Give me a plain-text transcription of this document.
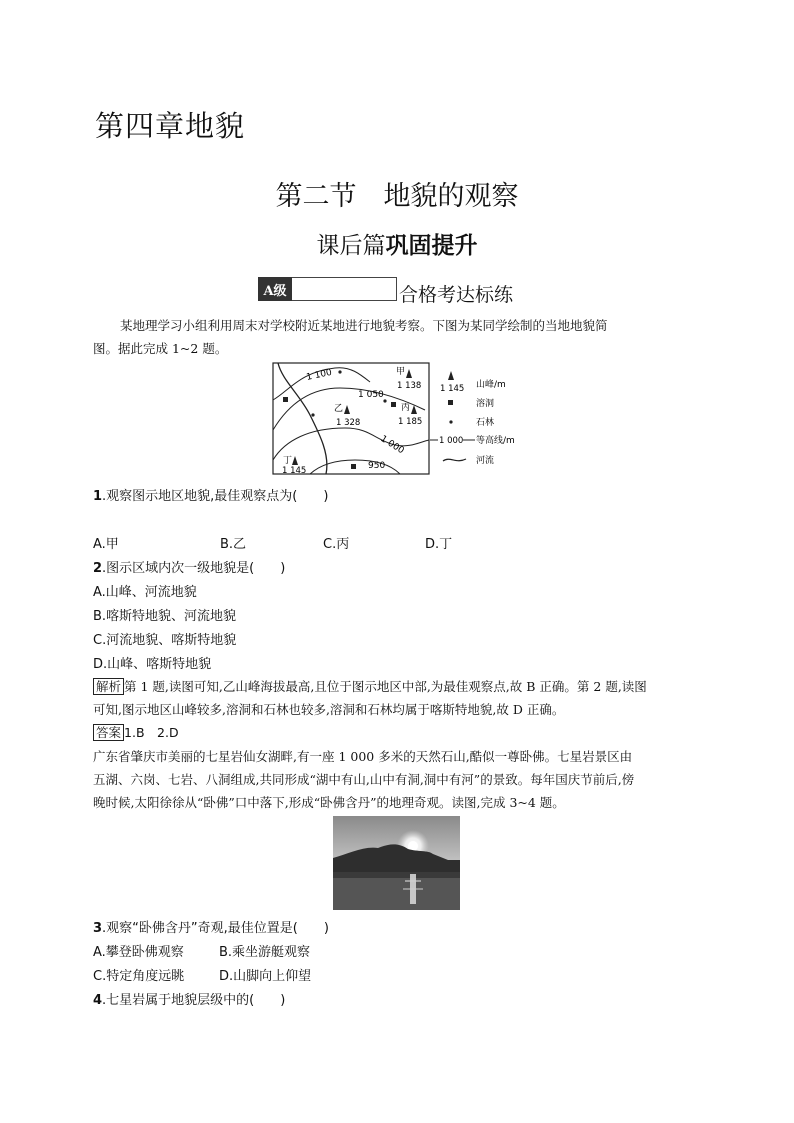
第四章地貌
第二节　地貌的观察
课后篇巩固提升
A级	合格考达标练
某地理学习小组利用周末对学校附近某地进行地貌考察。下图为某同学绘制的当地地貌简
图。据此完成 1~2 题。
1 100
1 050
1 000
950
甲
1 138
乙
1 328
丙
1 185
丁
1 145
1 145 山峰/m
溶洞
石林
1 000 等高线/m
河流
1.观察图示地区地貌,最佳观察点为(　　)
A.甲	B.乙	C.丙	D.丁
2.图示区域内次一级地貌是(　　)
A.山峰、河流地貌
B.喀斯特地貌、河流地貌
C.河流地貌、喀斯特地貌
D.山峰、喀斯特地貌
解析 第 1 题,读图可知,乙山峰海拔最高,且位于图示地区中部,为最佳观察点,故 B 正确。第 2 题,读图
可知,图示地区山峰较多,溶洞和石林也较多,溶洞和石林均属于喀斯特地貌,故 D 正确。
答案 1.B　2.D
广东省肇庆市美丽的七星岩仙女湖畔,有一座 1 000 多米的天然石山,酷似一尊卧佛。七星岩景区由
五湖、六岗、七岩、八洞组成,共同形成“湖中有山,山中有洞,洞中有河”的景致。每年国庆节前后,傍
晚时候,太阳徐徐从“卧佛”口中落下,形成“卧佛含丹”的地理奇观。读图,完成 3~4 题。
3.观察“卧佛含丹”奇观,最佳位置是(　　)
A.攀登卧佛观察	B.乘坐游艇观察
C.特定角度远眺	D.山脚向上仰望
4.七星岩属于地貌层级中的(　　)
